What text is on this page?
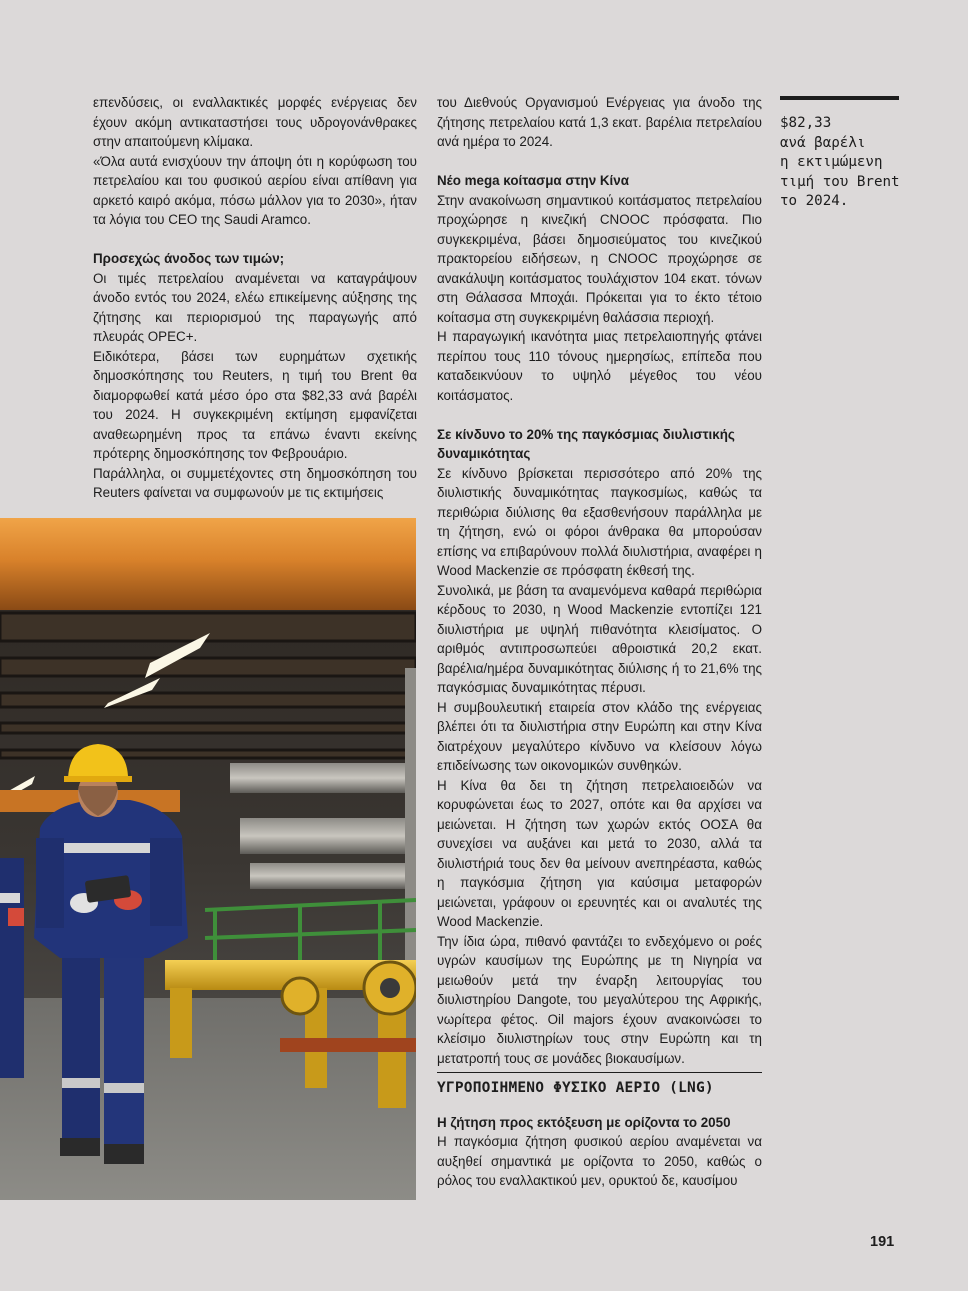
επενδύσεις, οι εναλλακτικές μορφές ενέργειας δεν έχουν ακόμη αντικαταστήσει τους υδρογονάνθρακες στην απαιτούμενη κλίμακα.

«Όλα αυτά ενισχύουν την άποψη ότι η κορύφωση του πετρελαίου και του φυσικού αερίου είναι απίθανη για αρκετό καιρό ακόμα, πόσω μάλλον για το 2030», ήταν τα λόγια του CEO της Saudi Aramco.

Προσεχώς άνοδος των τιμών;

Οι τιμές πετρελαίου αναμένεται να καταγράψουν άνοδο εντός του 2024, ελέω επικείμενης αύξησης της ζήτησης και περιορισμού της παραγωγής από πλευράς OPEC+.

Ειδικότερα, βάσει των ευρημάτων σχετικής δημοσκόπησης του Reuters, η τιμή του Brent θα διαμορφωθεί κατά μέσο όρο στα $82,33 ανά βαρέλι του 2024. Η συγκεκριμένη εκτίμηση εμφανίζεται αναθεωρημένη προς τα επάνω έναντι εκείνης πρότερης δημοσκόπησης τον Φεβρουάριο.

Παράλληλα, οι συμμετέχοντες στη δημοσκόπηση του Reuters φαίνεται να συμφωνούν με τις εκτιμήσεις

του Διεθνούς Οργανισμού Ενέργειας για άνοδο της ζήτησης πετρελαίου κατά 1,3 εκατ. βαρέλια πετρελαίου ανά ημέρα το 2024.

Νέο mega κοίτασμα στην Κίνα

Στην ανακοίνωση σημαντικού κοιτάσματος πετρελαίου προχώρησε η κινεζική CNOOC πρόσφατα. Πιο συγκεκριμένα, βάσει δημοσιεύματος του κινεζικού πρακτορείου ειδήσεων, η CNOOC προχώρησε σε ανακάλυψη κοιτάσματος τουλάχιστον 104 εκατ. τόνων στη Θάλασσα Μποχάι. Πρόκειται για το έκτο τέτοιο κοίτασμα στη συγκεκριμένη θαλάσσια περιοχή.

Η παραγωγική ικανότητα μιας πετρελαιοπηγής φτάνει περίπου τους 110 τόνους ημερησίως, επίπεδα που καταδεικνύουν το υψηλό μέγεθος του νέου κοιτάσματος.

Σε κίνδυνο το 20% της παγκόσμιας διυλιστικής δυναμικότητας

Σε κίνδυνο βρίσκεται περισσότερο από 20% της διυλιστικής δυναμικότητας παγκοσμίως, καθώς τα περιθώρια διύλισης θα εξασθενήσουν παράλληλα με τη ζήτηση, ενώ οι φόροι άνθρακα θα μπορούσαν επίσης να επιβαρύνουν πολλά διυλιστήρια, αναφέρει η Wood Mackenzie σε πρόσφατη έκθεσή της.

Συνολικά, με βάση τα αναμενόμενα καθαρά περιθώρια κέρδους το 2030, η Wood Mackenzie εντοπίζει 121 διυλιστήρια με υψηλή πιθανότητα κλεισίματος. Ο αριθμός αντιπροσωπεύει αθροιστικά 20,2 εκατ. βαρέλια/ημέρα δυναμικότητας διύλισης ή το 21,6% της παγκόσμιας δυναμικότητας πέρυσι.

Η συμβουλευτική εταιρεία στον κλάδο της ενέργειας βλέπει ότι τα διυλιστήρια στην Ευρώπη και στην Κίνα διατρέχουν μεγαλύτερο κίνδυνο να κλείσουν λόγω επιδείνωσης των οικονομικών συνθηκών.

Η Κίνα θα δει τη ζήτηση πετρελαιοειδών να κορυφώνεται έως το 2027, οπότε και θα αρχίσει να μειώνεται. Η ζήτηση των χωρών εκτός ΟΟΣΑ θα συνεχίσει να αυξάνει και μετά το 2030, αλλά τα διυλιστήριά τους δεν θα μείνουν ανεπηρέαστα, καθώς η παγκόσμια ζήτηση για καύσιμα μεταφορών μειώνεται, γράφουν οι ερευνητές και οι αναλυτές της Wood Mackenzie.

Την ίδια ώρα, πιθανό φαντάζει το ενδεχόμενο οι ροές υγρών καυσίμων της Ευρώπης με τη Νιγηρία να μειωθούν μετά την έναρξη λειτουργίας του διυλιστηρίου Dangote, του μεγαλύτερου της Αφρικής, νωρίτερα φέτος. Oil majors έχουν ανακοινώσει το κλείσιμο διυλιστηρίων τους στην Ευρώπη και τη μετατροπή τους σε μονάδες βιοκαυσίμων.

ΥΓΡΟΠΟΙΗΜΕΝΟ ΦΥΣΙΚΟ ΑΕΡΙΟ (LNG)
Η ζήτηση προς εκτόξευση με ορίζοντα το 2050

Η παγκόσμια ζήτηση φυσικού αερίου αναμένεται να αυξηθεί σημαντικά με ορίζοντα το 2050, καθώς ο ρόλος του εναλλακτικού μεν, ορυκτού δε, καυσίμου

$82,33
ανά βαρέλι
η εκτιμώμενη
τιμή του Brent
το 2024.

191
